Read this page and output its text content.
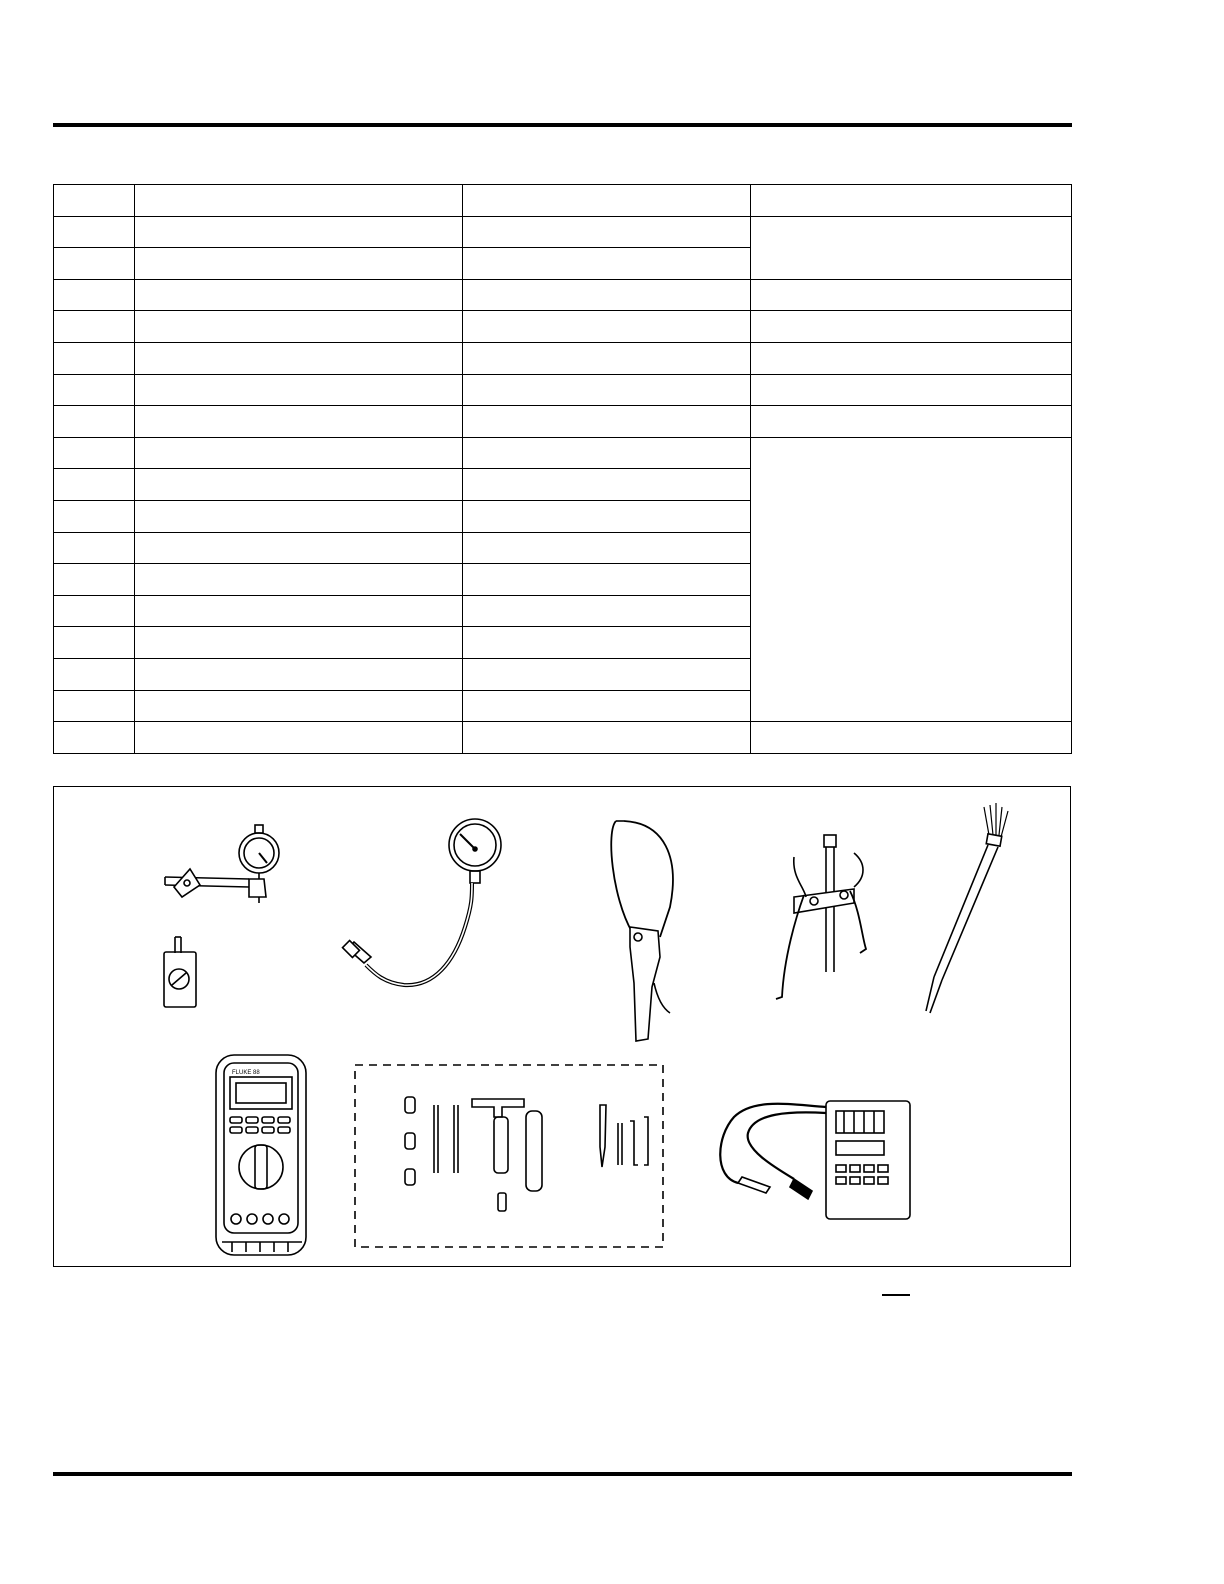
FLUKE 88
